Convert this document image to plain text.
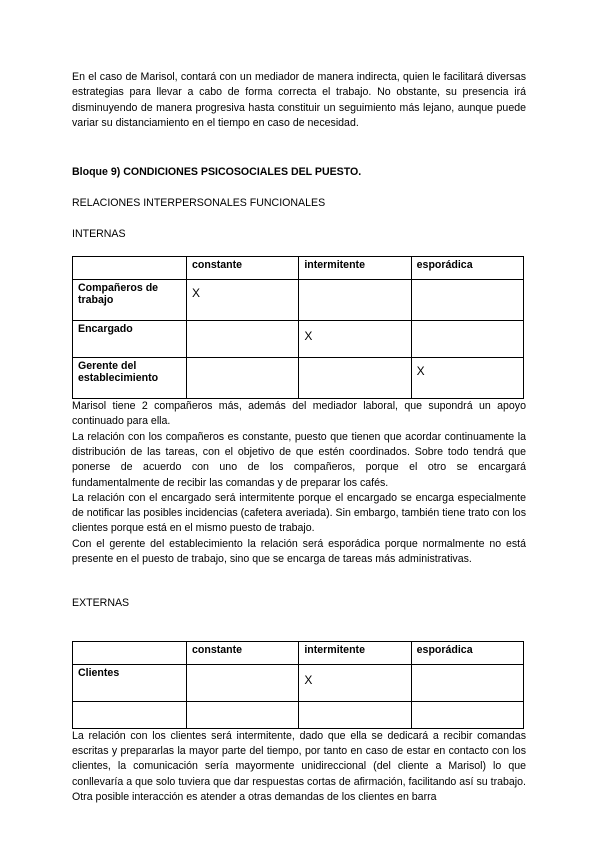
En el caso de Marisol, contará con un mediador de manera indirecta, quien le facilitará diversas estrategias para llevar a cabo de forma correcta el trabajo. No obstante, su presencia irá disminuyendo de manera progresiva hasta constituir un seguimiento más lejano, aunque puede variar su distanciamiento en el tiempo en caso de necesidad.

Bloque 9) CONDICIONES PSICOSOCIALES DEL PUESTO.

RELACIONES INTERPERSONALES FUNCIONALES

INTERNAS

	constante	intermitente	esporádica
Compañeros de trabajo	X		
Encargado		X	
Gerente del establecimiento			X

Marisol tiene 2 compañeros más, además del mediador laboral, que supondrá un apoyo continuado para ella.

La relación con los compañeros es constante, puesto que tienen que acordar continuamente la distribución de las tareas, con el objetivo de que estén coordinados. Sobre todo tendrá que ponerse de acuerdo con uno de los compañeros, porque el otro se encargará fundamentalmente de recibir las comandas y de preparar los cafés.

La relación con el encargado será intermitente porque el encargado se encarga especialmente de notificar las posibles incidencias (cafetera averiada). Sin embargo, también tiene trato con los clientes porque está en el mismo puesto de trabajo.

Con el gerente del establecimiento la relación será esporádica porque normalmente no está presente en el puesto de trabajo, sino que se encarga de tareas más administrativas.

EXTERNAS

	constante	intermitente	esporádica
Clientes		X	

La relación con los clientes será intermitente, dado que ella se dedicará a recibir comandas escritas y prepararlas la mayor parte del tiempo, por tanto en caso de estar en contacto con los clientes, la comunicación sería mayormente unidireccional (del cliente a Marisol) lo que conllevaría a que solo tuviera que dar respuestas cortas de afirmación, facilitando así su trabajo. Otra posible interacción es atender a otras demandas de los clientes en barra
